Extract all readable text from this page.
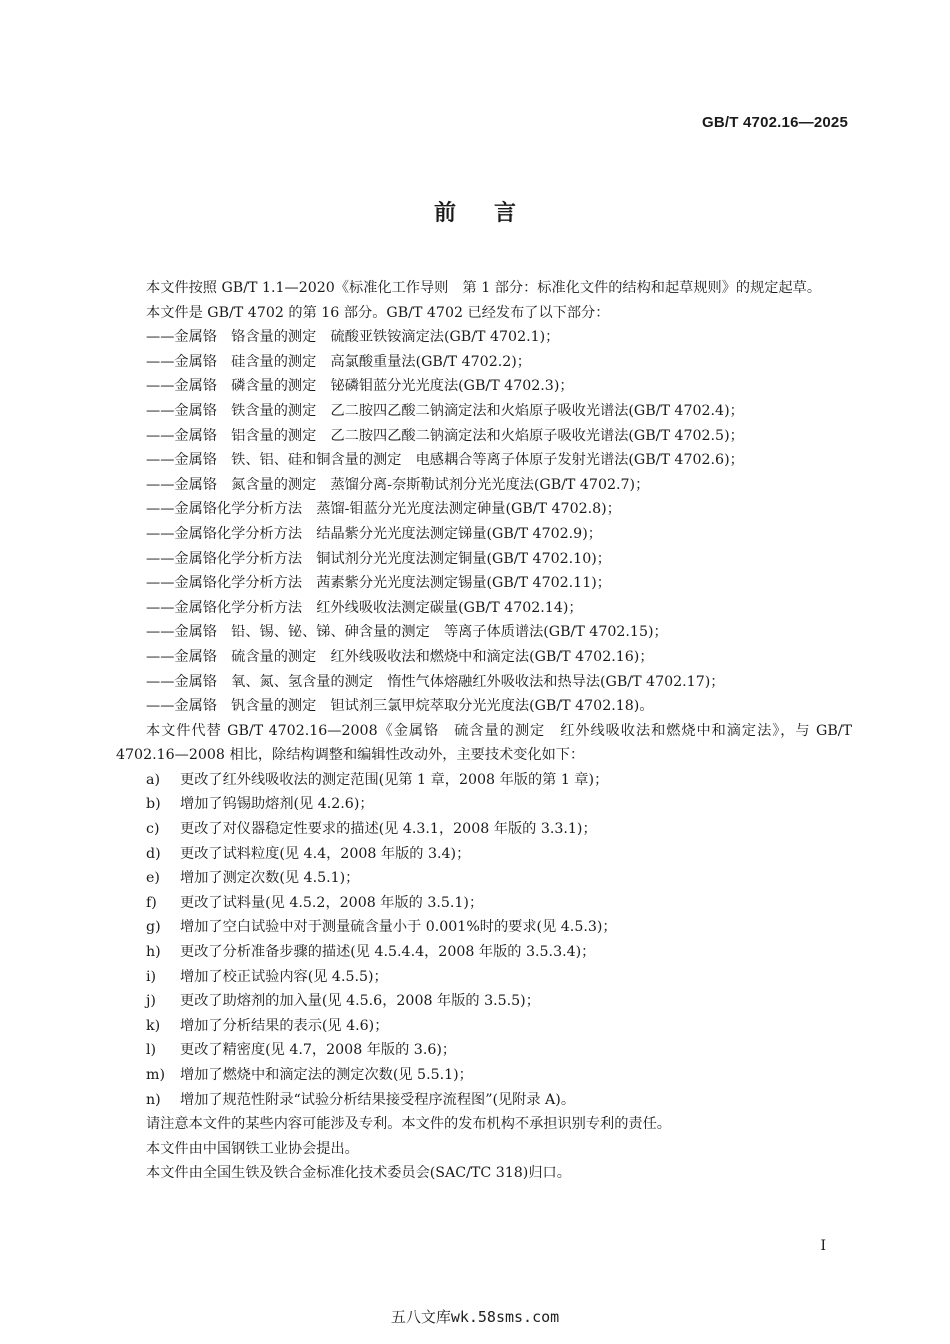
GB/T 4702.16—2025
前言

本文件按照 GB/T 1.1—2020《标准化工作导则　第 1 部分：标准化文件的结构和起草规则》的规定起草。

本文件是 GB/T 4702 的第 16 部分。GB/T 4702 已经发布了以下部分：

——金属铬　铬含量的测定　硫酸亚铁铵滴定法(GB/T 4702.1)；

——金属铬　硅含量的测定　高氯酸重量法(GB/T 4702.2)；

——金属铬　磷含量的测定　铋磷钼蓝分光光度法(GB/T 4702.3)；

——金属铬　铁含量的测定　乙二胺四乙酸二钠滴定法和火焰原子吸收光谱法(GB/T 4702.4)；

——金属铬　铝含量的测定　乙二胺四乙酸二钠滴定法和火焰原子吸收光谱法(GB/T 4702.5)；

——金属铬　铁、铝、硅和铜含量的测定　电感耦合等离子体原子发射光谱法(GB/T 4702.6)；

——金属铬　氮含量的测定　蒸馏分离-奈斯勒试剂分光光度法(GB/T 4702.7)；

——金属铬化学分析方法　蒸馏-钼蓝分光光度法测定砷量(GB/T 4702.8)；

——金属铬化学分析方法　结晶紫分光光度法测定锑量(GB/T 4702.9)；

——金属铬化学分析方法　铜试剂分光光度法测定铜量(GB/T 4702.10)；

——金属铬化学分析方法　茜素紫分光光度法测定锡量(GB/T 4702.11)；

——金属铬化学分析方法　红外线吸收法测定碳量(GB/T 4702.14)；

——金属铬　铅、锡、铋、锑、砷含量的测定　等离子体质谱法(GB/T 4702.15)；

——金属铬　硫含量的测定　红外线吸收法和燃烧中和滴定法(GB/T 4702.16)；

——金属铬　氧、氮、氢含量的测定　惰性气体熔融红外吸收法和热导法(GB/T 4702.17)；

——金属铬　钒含量的测定　钽试剂三氯甲烷萃取分光光度法(GB/T 4702.18)。

本文件代替 GB/T 4702.16—2008《金属铬　硫含量的测定　红外线吸收法和燃烧中和滴定法》，与 GB/T 4702.16—2008 相比，除结构调整和编辑性改动外，主要技术变化如下：

a) 更改了红外线吸收法的测定范围(见第 1 章，2008 年版的第 1 章)；

b) 增加了钨锡助熔剂(见 4.2.6)；

c) 更改了对仪器稳定性要求的描述(见 4.3.1，2008 年版的 3.3.1)；

d) 更改了试料粒度(见 4.4，2008 年版的 3.4)；

e) 增加了测定次数(见 4.5.1)；

f) 更改了试料量(见 4.5.2，2008 年版的 3.5.1)；

g) 增加了空白试验中对于测量硫含量小于 0.001%时的要求(见 4.5.3)；

h) 更改了分析准备步骤的描述(见 4.5.4.4，2008 年版的 3.5.3.4)；

i) 增加了校正试验内容(见 4.5.5)；

j) 更改了助熔剂的加入量(见 4.5.6，2008 年版的 3.5.5)；

k) 增加了分析结果的表示(见 4.6)；

l) 更改了精密度(见 4.7，2008 年版的 3.6)；

m) 增加了燃烧中和滴定法的测定次数(见 5.5.1)；

n) 增加了规范性附录“试验分析结果接受程序流程图”(见附录 A)。

请注意本文件的某些内容可能涉及专利。本文件的发布机构不承担识别专利的责任。

本文件由中国钢铁工业协会提出。

本文件由全国生铁及铁合金标准化技术委员会(SAC/TC 318)归口。

I
五八文库wk.58sms.com
